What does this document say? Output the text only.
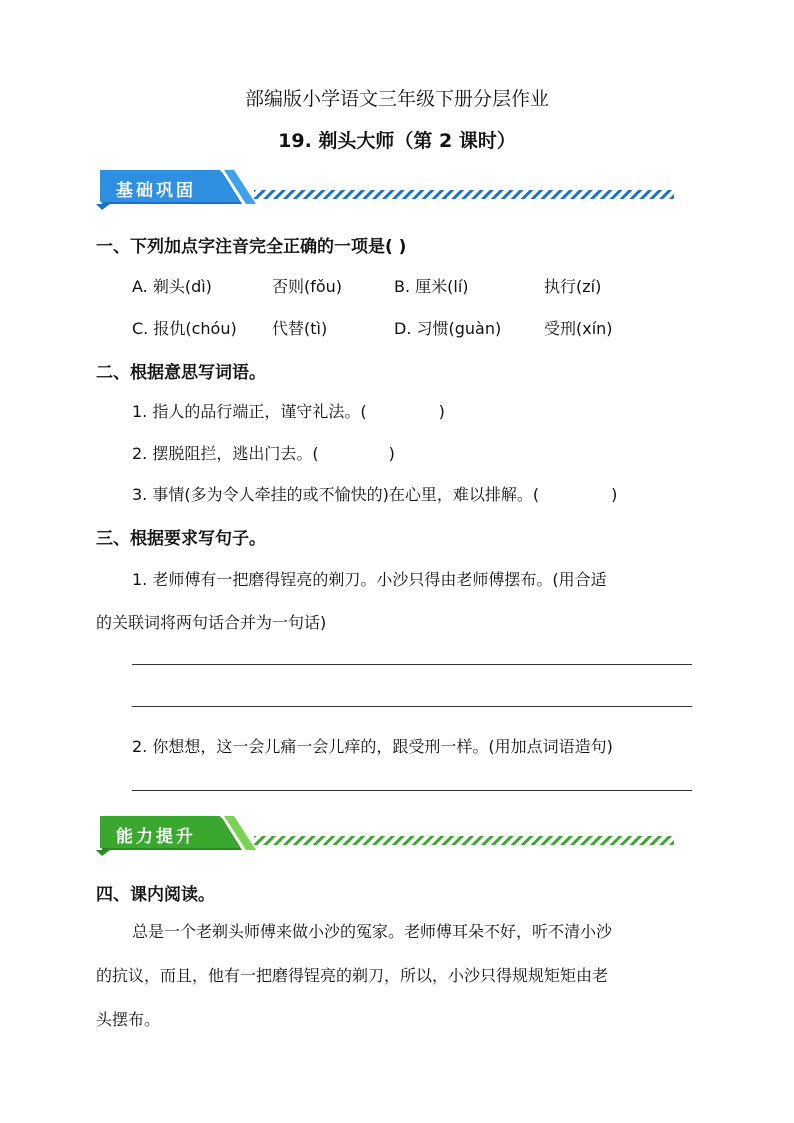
部编版小学语文三年级下册分层作业
19. 剃头大师（第 2 课时）
基础巩固
一、下列加点字注音完全正确的一项是( )
A. 剃头(dì)	否则(fǒu)	B. 厘米(lí)	执行(zí)
C. 报仇(chóu) 代替(tì)	D. 习惯(guàn)	受刑(xín)
二、根据意思写词语。
1. 指人的品行端正，谨守礼法。(	)
2. 摆脱阻拦，逃出门去。(	)
3. 事情(多为令人牵挂的或不愉快的)在心里，难以排解。(	)
三、根据要求写句子。
1. 老师傅有一把磨得锃亮的剃刀。小沙只得由老师傅摆布。(用合适
的关联词将两句话合并为一句话)
2. 你想想，这一会儿痛一会儿痒的，跟受刑一样。(用加点词语造句)
能力提升
四、课内阅读。
总是一个老剃头师傅来做小沙的冤家。老师傅耳朵不好，听不清小沙
的抗议，而且，他有一把磨得锃亮的剃刀，所以，小沙只得规规矩矩由老
头摆布。
